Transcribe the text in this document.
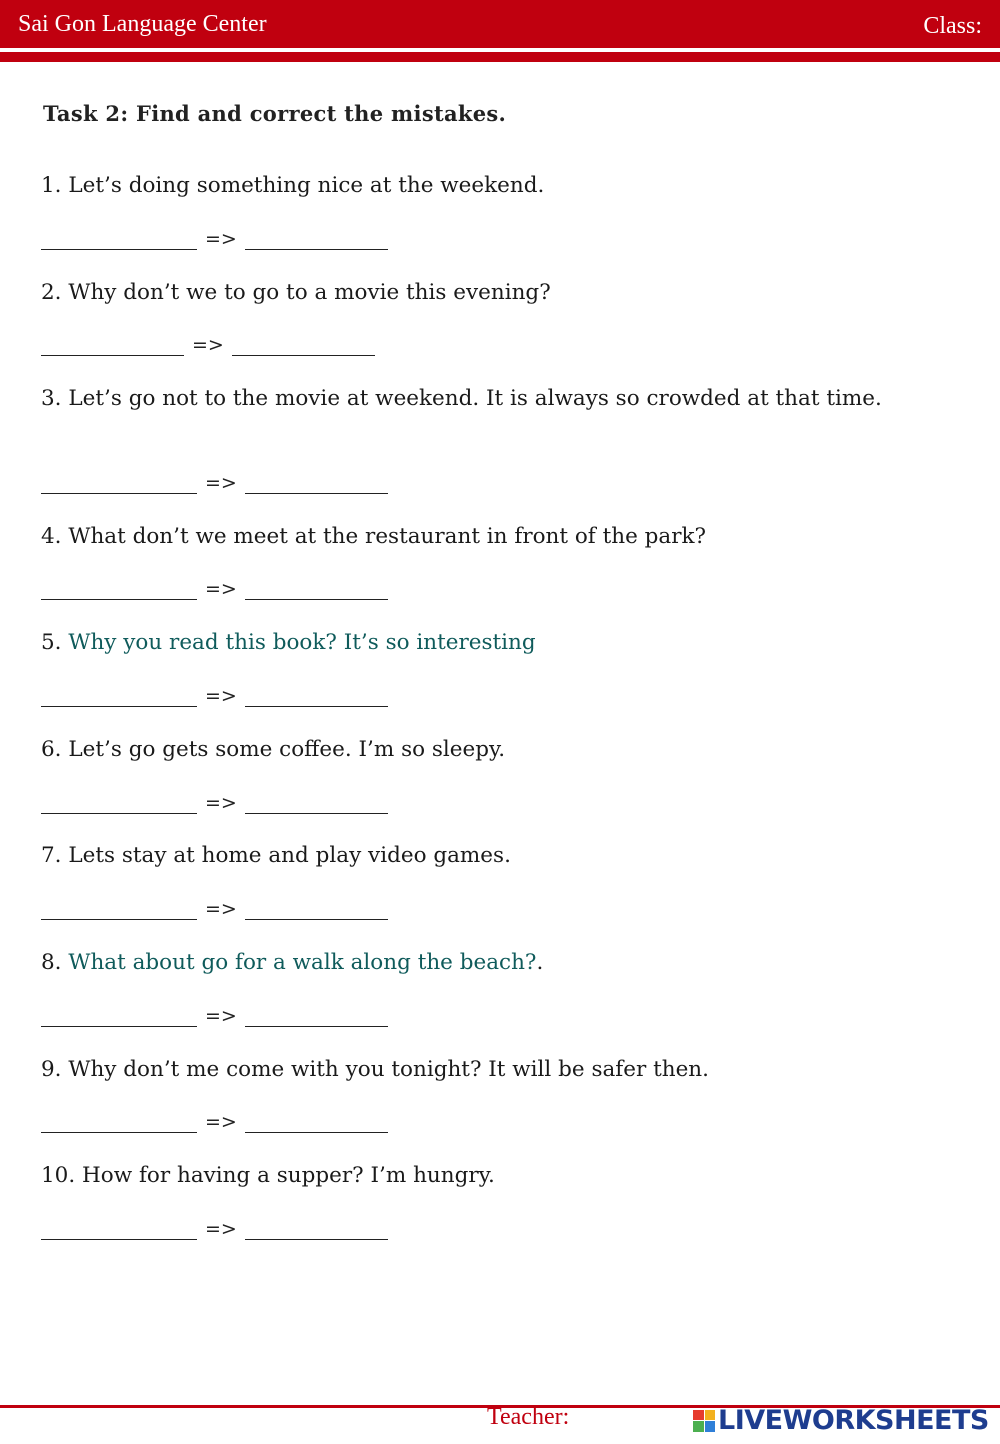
Sai Gon Language Center	Class:
Task 2: Find and correct the mistakes.
1. Let’s doing something nice at the weekend.
=>
2. Why don’t we to go to a movie this evening?
=>
3. Let’s go not to the movie at weekend. It is always so crowded at that time.
=>
4. What don’t we meet at the restaurant in front of the park?
=>
5. Why you read this book? It’s so interesting
=>
6. Let’s go gets some coffee. I’m so sleepy.
=>
7. Lets stay at home and play video games.
=>
8. What about go for a walk along the beach?.
=>
9. Why don’t me come with you tonight? It will be safer then.
=>
10. How for having a supper? I’m hungry.
=>
Teacher:	LIVEWORKSHEETS
